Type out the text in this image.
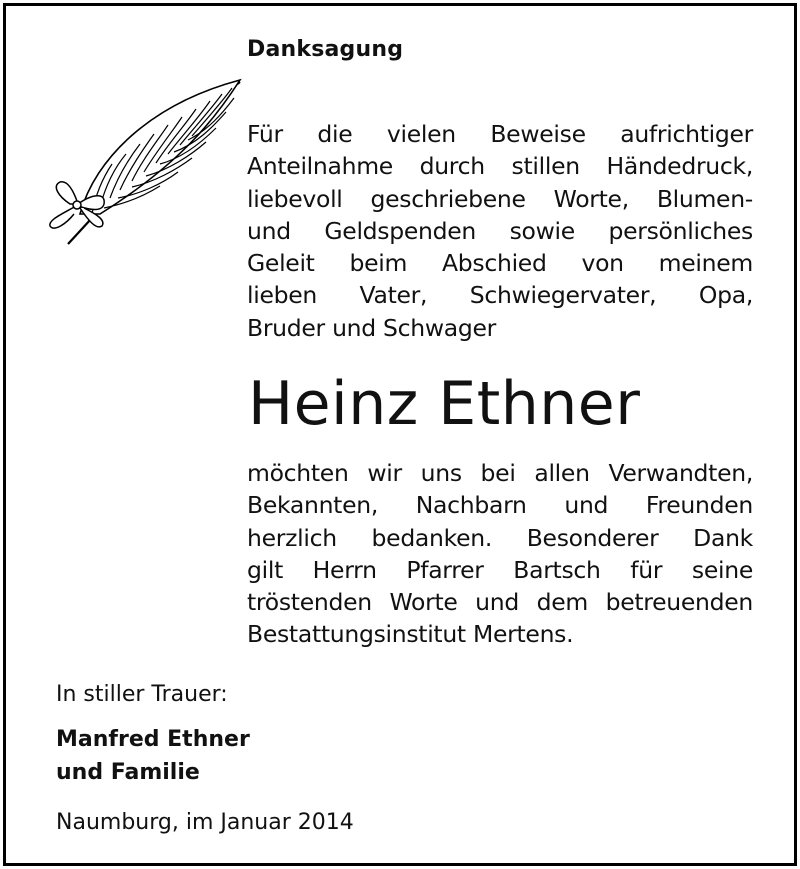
Danksagung
Für die vielen Beweise aufrichtiger
Anteilnahme durch stillen Händedruck,
liebevoll geschriebene Worte, Blumen-
und Geldspenden sowie persönliches
Geleit beim Abschied von meinem
lieben Vater, Schwiegervater, Opa,
Bruder und Schwager
Heinz Ethner
möchten wir uns bei allen Verwandten,
Bekannten, Nachbarn und Freunden
herzlich bedanken. Besonderer Dank
gilt Herrn Pfarrer Bartsch für seine
tröstenden Worte und dem betreuenden
Bestattungsinstitut Mertens.
In stiller Trauer:
Manfred Ethner
und Familie
Naumburg, im Januar 2014
